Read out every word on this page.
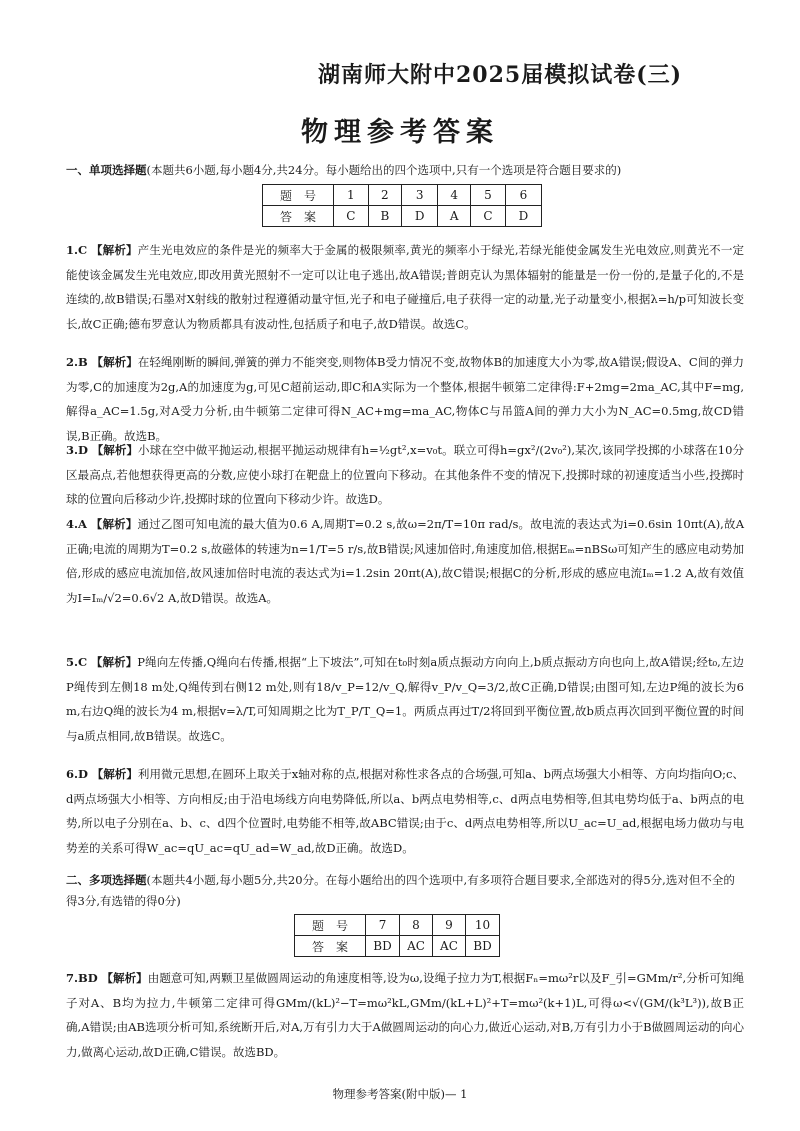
湖南师大附中2025届模拟试卷(三)
物理参考答案
一、单项选择题(本题共6小题,每小题4分,共24分。每小题给出的四个选项中,只有一个选项是符合题目要求的)
题　号	1	2	3	4	5	6
答　案	C	B	D	A	C	D
1.C 【解析】产生光电效应的条件是光的频率大于金属的极限频率,黄光的频率小于绿光,若绿光能使金属发生光电效应,则黄光不一定能使该金属发生光电效应,即改用黄光照射不一定可以让电子逃出,故A错误;普朗克认为黑体辐射的能量是一份一份的,是量子化的,不是连续的,故B错误;石墨对X射线的散射过程遵循动量守恒,光子和电子碰撞后,电子获得一定的动量,光子动量变小,根据λ=h/p可知波长变长,故C正确;德布罗意认为物质都具有波动性,包括质子和电子,故D错误。故选C。
2.B 【解析】在轻绳刚断的瞬间,弹簧的弹力不能突变,则物体B受力情况不变,故物体B的加速度大小为零,故A错误;假设A、C间的弹力为零,C的加速度为2g,A的加速度为g,可见C超前运动,即C和A实际为一个整体,根据牛顿第二定律得:F+2mg=2ma_AC,其中F=mg,解得a_AC=1.5g,对A受力分析,由牛顿第二定律可得N_AC+mg=ma_AC,物体C与吊篮A间的弹力大小为N_AC=0.5mg,故CD错误,B正确。故选B。
3.D 【解析】小球在空中做平抛运动,根据平抛运动规律有h=½gt²,x=v₀t。联立可得h=gx²/(2v₀²),某次,该同学投掷的小球落在10分区最高点,若他想获得更高的分数,应使小球打在靶盘上的位置向下移动。在其他条件不变的情况下,投掷时球的初速度适当小些,投掷时球的位置向后移动少许,投掷时球的位置向下移动少许。故选D。
4.A 【解析】通过乙图可知电流的最大值为0.6 A,周期T=0.2 s,故ω=2π/T=10π rad/s。故电流的表达式为i=0.6sin 10πt(A),故A正确;电流的周期为T=0.2 s,故磁体的转速为n=1/T=5 r/s,故B错误;风速加倍时,角速度加倍,根据Eₘ=nBSω可知产生的感应电动势加倍,形成的感应电流加倍,故风速加倍时电流的表达式为i=1.2sin 20πt(A),故C错误;根据C的分析,形成的感应电流Iₘ=1.2 A,故有效值为I=Iₘ/√2=0.6√2 A,故D错误。故选A。
5.C 【解析】P绳向左传播,Q绳向右传播,根据“上下坡法”,可知在t₀时刻a质点振动方向向上,b质点振动方向也向上,故A错误;经t₀,左边P绳传到左侧18 m处,Q绳传到右侧12 m处,则有18/v_P=12/v_Q,解得v_P/v_Q=3/2,故C正确,D错误;由图可知,左边P绳的波长为6 m,右边Q绳的波长为4 m,根据v=λ/T,可知周期之比为T_P/T_Q=1。两质点再过T/2将回到平衡位置,故b质点再次回到平衡位置的时间与a质点相同,故B错误。故选C。
6.D 【解析】利用微元思想,在圆环上取关于x轴对称的点,根据对称性求各点的合场强,可知a、b两点场强大小相等、方向均指向O;c、d两点场强大小相等、方向相反;由于沿电场线方向电势降低,所以a、b两点电势相等,c、d两点电势相等,但其电势均低于a、b两点的电势,所以电子分别在a、b、c、d四个位置时,电势能不相等,故ABC错误;由于c、d两点电势相等,所以U_ac=U_ad,根据电场力做功与电势差的关系可得W_ac=qU_ac=qU_ad=W_ad,故D正确。故选D。
二、多项选择题(本题共4小题,每小题5分,共20分。在每小题给出的四个选项中,有多项符合题目要求,全部选对的得5分,选对但不全的得3分,有选错的得0分)
题　号	7	8	9	10
答　案	BD	AC	AC	BD
7.BD 【解析】由题意可知,两颗卫星做圆周运动的角速度相等,设为ω,设绳子拉力为T,根据Fₙ=mω²r以及F_引=GMm/r²,分析可知绳子对A、B均为拉力,牛顿第二定律可得GMm/(kL)²−T=mω²kL,GMm/(kL+L)²+T=mω²(k+1)L,可得ω<√(GM/(k³L³)),故B正确,A错误;由AB选项分析可知,系统断开后,对A,万有引力大于A做圆周运动的向心力,做近心运动,对B,万有引力小于B做圆周运动的向心力,做离心运动,故D正确,C错误。故选BD。
物理参考答案(附中版)— 1
